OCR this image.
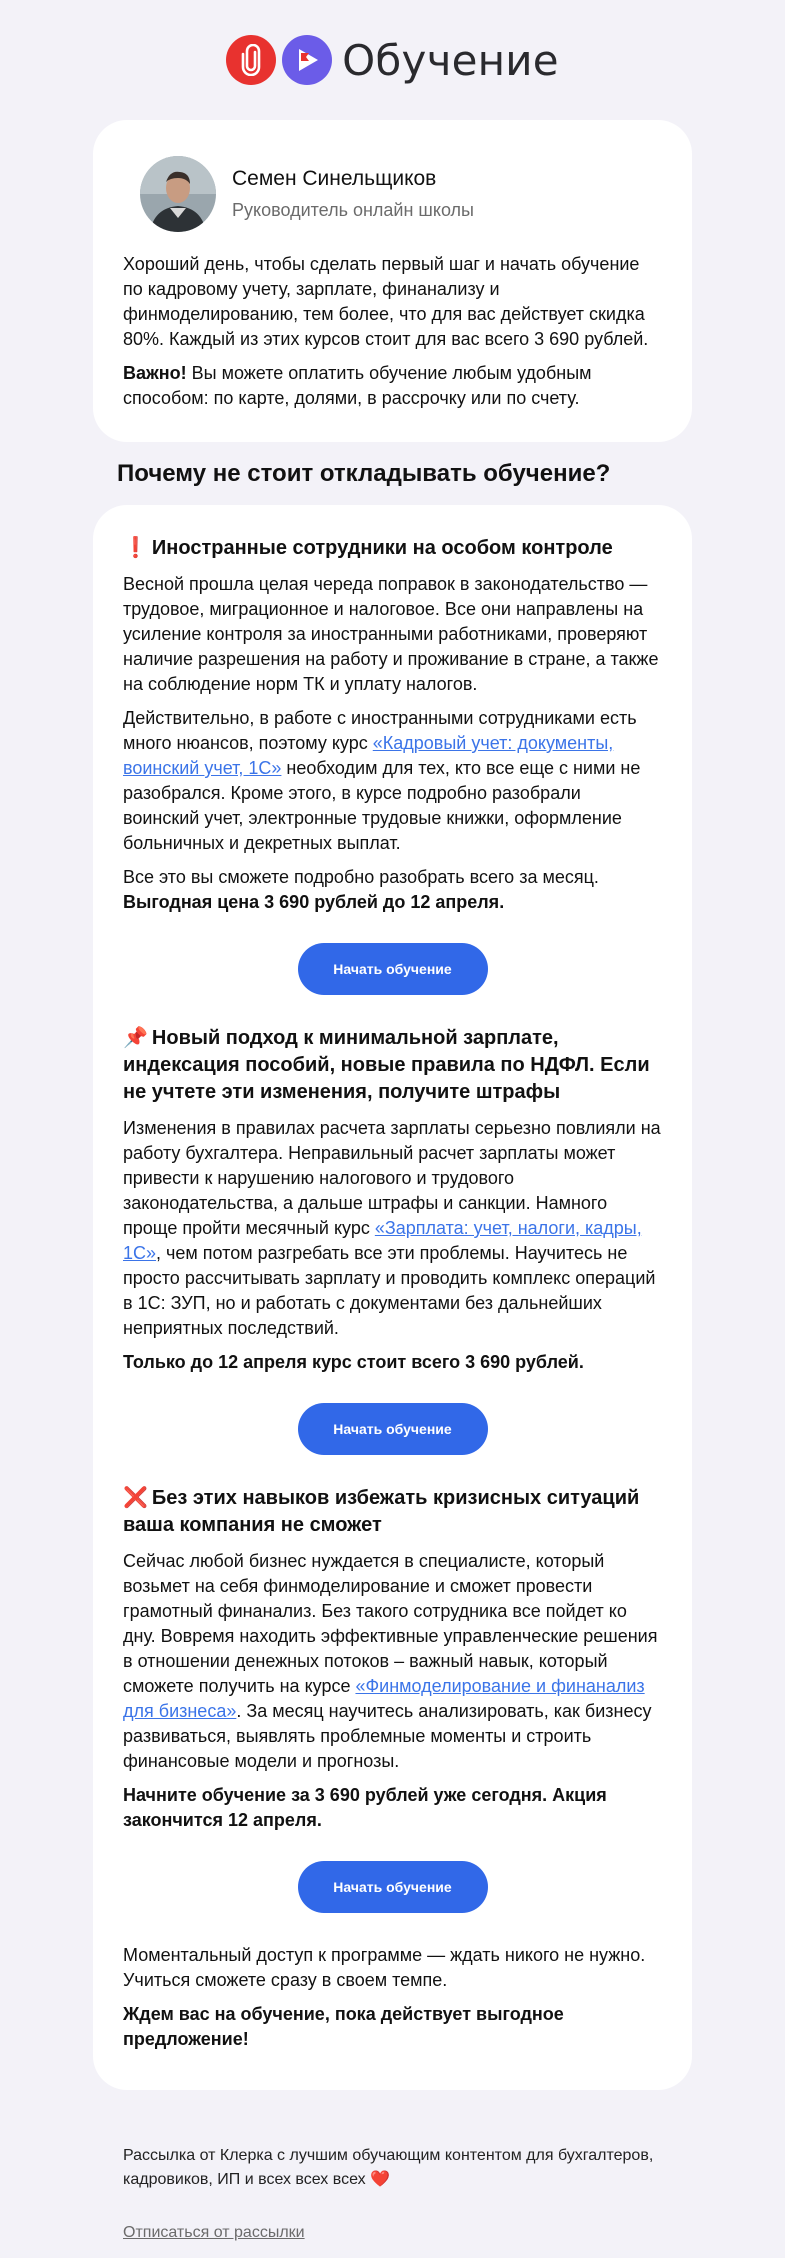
Обучение
Семен Синельщиков
Руководитель онлайн школы

Хороший день, чтобы сделать первый шаг и начать обучение по кадровому учету, зарплате, финанализу и финмоделированию, тем более, что для вас действует скидка 80%. Каждый из этих курсов стоит для вас всего 3 690 рублей.

Важно! Вы можете оплатить обучение любым удобным способом: по карте, долями, в рассрочку или по счету.

Почему не стоит откладывать обучение?
❗ Иностранные сотрудники на особом контроле

Весной прошла целая череда поправок в законодательство — трудовое, миграционное и налоговое. Все они направлены на усиление контроля за иностранными работниками, проверяют наличие разрешения на работу и проживание в стране, а также на соблюдение норм ТК и уплату налогов.

Действительно, в работе с иностранными сотрудниками есть много нюансов, поэтому курс «Кадровый учет: документы, воинский учет, 1С» необходим для тех, кто все еще с ними не разобрался. Кроме этого, в курсе подробно разобрали воинский учет, электронные трудовые книжки, оформление больничных и декретных выплат.

Все это вы сможете подробно разобрать всего за месяц.
Выгодная цена 3 690 рублей до 12 апреля.

Начать обучение
📌 Новый подход к минимальной зарплате, индексация пособий, новые правила по НДФЛ. Если не учтете эти изменения, получите штрафы

Изменения в правилах расчета зарплаты серьезно повлияли на работу бухгалтера. Неправильный расчет зарплаты может привести к нарушению налогового и трудового законодательства, а дальше штрафы и санкции. Намного проще пройти месячный курс «Зарплата: учет, налоги, кадры, 1С», чем потом разгребать все эти проблемы. Научитесь не просто рассчитывать зарплату и проводить комплекс операций в 1С: ЗУП, но и работать с документами без дальнейших неприятных последствий.

Только до 12 апреля курс стоит всего 3 690 рублей.

Начать обучение
❌ Без этих навыков избежать кризисных ситуаций ваша компания не сможет

Сейчас любой бизнес нуждается в специалисте, который возьмет на себя финмоделирование и сможет провести грамотный финанализ. Без такого сотрудника все пойдет ко дну. Вовремя находить эффективные управленческие решения в отношении денежных потоков – важный навык, который сможете получить на курсе «Финмоделирование и финанализ для бизнеса». За месяц научитесь анализировать, как бизнесу развиваться, выявлять проблемные моменты и строить финансовые модели и прогнозы.

Начните обучение за 3 690 рублей уже сегодня. Акция закончится 12 апреля.

Начать обучение

Моментальный доступ к программе — ждать никого не нужно. Учиться сможете сразу в своем темпе.

Ждем вас на обучение, пока действует выгодное предложение!

Рассылка от Клерка с лучшим обучающим контентом для бухгалтеров, кадровиков, ИП и всех всех всех ❤️

Отписаться от рассылки
